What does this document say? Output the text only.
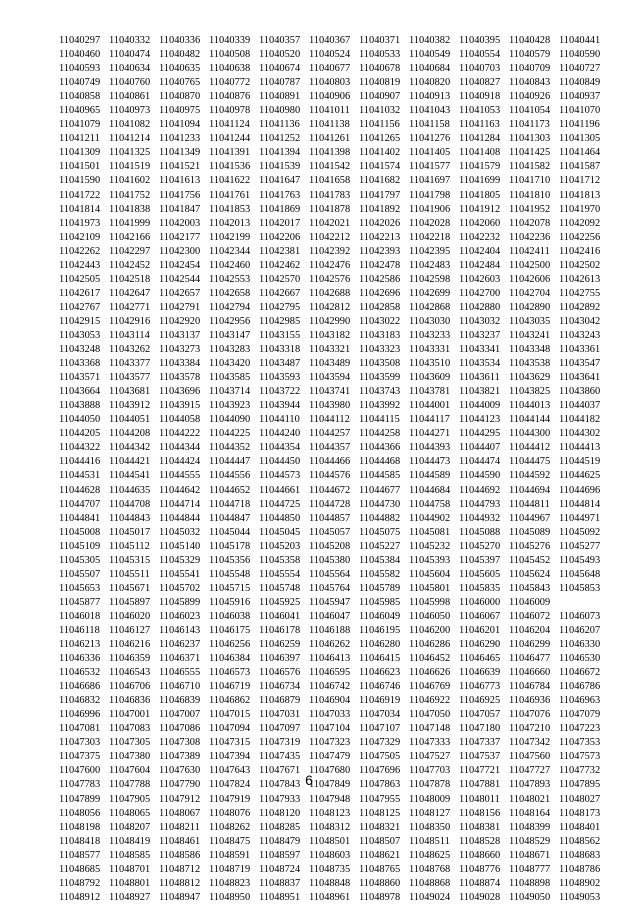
11040297	11040332	11040336	11040339	11040357	11040367	11040371	11040382	11040395	11040428	11040441
11040460	11040474	11040482	11040508	11040520	11040524	11040533	11040549	11040554	11040579	11040590
11040593	11040634	11040635	11040638	11040674	11040677	11040678	11040684	11040703	11040709	11040727
11040749	11040760	11040765	11040772	11040787	11040803	11040819	11040820	11040827	11040843	11040849
11040858	11040861	11040870	11040876	11040891	11040906	11040907	11040913	11040918	11040926	11040937
11040965	11040973	11040975	11040978	11040980	11041011	11041032	11041043	11041053	11041054	11041070
11041079	11041082	11041094	11041124	11041136	11041138	11041156	11041158	11041163	11041173	11041196
11041211	11041214	11041233	11041244	11041252	11041261	11041265	11041276	11041284	11041303	11041305
11041309	11041325	11041349	11041391	11041394	11041398	11041402	11041405	11041408	11041425	11041464
11041501	11041519	11041521	11041536	11041539	11041542	11041574	11041577	11041579	11041582	11041587
11041590	11041602	11041613	11041622	11041647	11041658	11041682	11041697	11041699	11041710	11041712
11041722	11041752	11041756	11041761	11041763	11041783	11041797	11041798	11041805	11041810	11041813
11041814	11041838	11041847	11041853	11041869	11041878	11041892	11041906	11041912	11041952	11041970
11041973	11041999	11042003	11042013	11042017	11042021	11042026	11042028	11042060	11042078	11042092
11042109	11042166	11042177	11042199	11042206	11042212	11042213	11042218	11042232	11042236	11042256
11042262	11042297	11042300	11042344	11042381	11042392	11042393	11042395	11042404	11042411	11042416
11042443	11042452	11042454	11042460	11042462	11042476	11042478	11042483	11042484	11042500	11042502
11042505	11042518	11042544	11042553	11042570	11042576	11042586	11042598	11042603	11042606	11042613
11042617	11042647	11042657	11042658	11042667	11042688	11042696	11042699	11042700	11042704	11042755
11042767	11042771	11042791	11042794	11042795	11042812	11042858	11042868	11042880	11042890	11042892
11042915	11042916	11042920	11042956	11042985	11042990	11043022	11043030	11043032	11043035	11043042
11043053	11043114	11043137	11043147	11043155	11043182	11043183	11043233	11043237	11043241	11043243
11043248	11043262	11043273	11043283	11043318	11043321	11043323	11043331	11043341	11043348	11043361
11043368	11043377	11043384	11043420	11043487	11043489	11043508	11043510	11043534	11043538	11043547
11043571	11043577	11043578	11043585	11043593	11043594	11043599	11043609	11043611	11043629	11043641
11043664	11043681	11043696	11043714	11043722	11043741	11043743	11043781	11043821	11043825	11043860
11043888	11043912	11043915	11043923	11043944	11043980	11043992	11044001	11044009	11044013	11044037
11044050	11044051	11044058	11044090	11044110	11044112	11044115	11044117	11044123	11044144	11044182
11044205	11044208	11044222	11044225	11044240	11044257	11044258	11044271	11044295	11044300	11044302
11044322	11044342	11044344	11044352	11044354	11044357	11044366	11044393	11044407	11044412	11044413
11044416	11044421	11044424	11044447	11044450	11044466	11044468	11044473	11044474	11044475	11044519
11044531	11044541	11044555	11044556	11044573	11044576	11044585	11044589	11044590	11044592	11044625
11044628	11044635	11044642	11044652	11044661	11044672	11044677	11044684	11044692	11044694	11044696
11044707	11044708	11044714	11044718	11044725	11044728	11044730	11044758	11044793	11044811	11044814
11044841	11044843	11044844	11044847	11044850	11044857	11044882	11044902	11044932	11044967	11044971
11045008	11045017	11045032	11045044	11045045	11045057	11045075	11045081	11045088	11045089	11045092
11045109	11045112	11045140	11045178	11045203	11045208	11045227	11045232	11045270	11045276	11045277
11045305	11045315	11045329	11045356	11045358	11045380	11045384	11045393	11045397	11045452	11045493
11045507	11045511	11045541	11045548	11045554	11045564	11045582	11045604	11045605	11045624	11045648
11045653	11045671	11045702	11045715	11045748	11045764	11045789	11045801	11045835	11045843	11045853
11045877	11045897	11045899	11045916	11045925	11045947	11045985	11045998	11046000	11046009	
11046018	11046020	11046023	11046038	11046041	11046047	11046049	11046050	11046067	11046072	11046073
11046118	11046127	11046143	11046175	11046178	11046188	11046195	11046200	11046201	11046204	11046207
11046213	11046216	11046237	11046256	11046259	11046262	11046280	11046286	11046290	11046299	11046330
11046336	11046359	11046371	11046384	11046397	11046413	11046415	11046452	11046465	11046477	11046530
11046532	11046543	11046555	11046573	11046576	11046595	11046623	11046626	11046639	11046660	11046672
11046686	11046706	11046710	11046719	11046734	11046742	11046746	11046769	11046773	11046784	11046786
11046832	11046836	11046839	11046862	11046879	11046904	11046919	11046922	11046925	11046936	11046963
11046996	11047001	11047007	11047015	11047031	11047033	11047034	11047050	11047057	11047076	11047079
11047081	11047083	11047086	11047094	11047097	11047104	11047107	11047148	11047180	11047210	11047223
11047303	11047305	11047308	11047315	11047319	11047323	11047329	11047333	11047337	11047342	11047353
11047375	11047380	11047389	11047394	11047435	11047479	11047505	11047527	11047537	11047560	11047573
11047600	11047604	11047630	11047643	11047671	11047680	11047696	11047703	11047721	11047727	11047732
11047783	11047788	11047790	11047824	11047843	11047849	11047863	11047878	11047881	11047893	11047895
11047899	11047905	11047912	11047919	11047933	11047948	11047955	11048009	11048011	11048021	11048027
11048056	11048065	11048067	11048076	11048120	11048123	11048125	11048127	11048156	11048164	11048173
11048198	11048207	11048211	11048262	11048285	11048312	11048321	11048350	11048381	11048399	11048401
11048418	11048419	11048461	11048475	11048479	11048501	11048507	11048511	11048528	11048529	11048562
11048577	11048585	11048586	11048591	11048597	11048603	11048621	11048625	11048660	11048671	11048683
11048685	11048701	11048712	11048719	11048724	11048735	11048765	11048768	11048776	11048777	11048786
11048792	11048801	11048812	11048823	11048837	11048848	11048860	11048868	11048874	11048898	11048902
11048912	11048927	11048947	11048950	11048951	11048961	11048978	11049024	11049028	11049050	11049053
6
